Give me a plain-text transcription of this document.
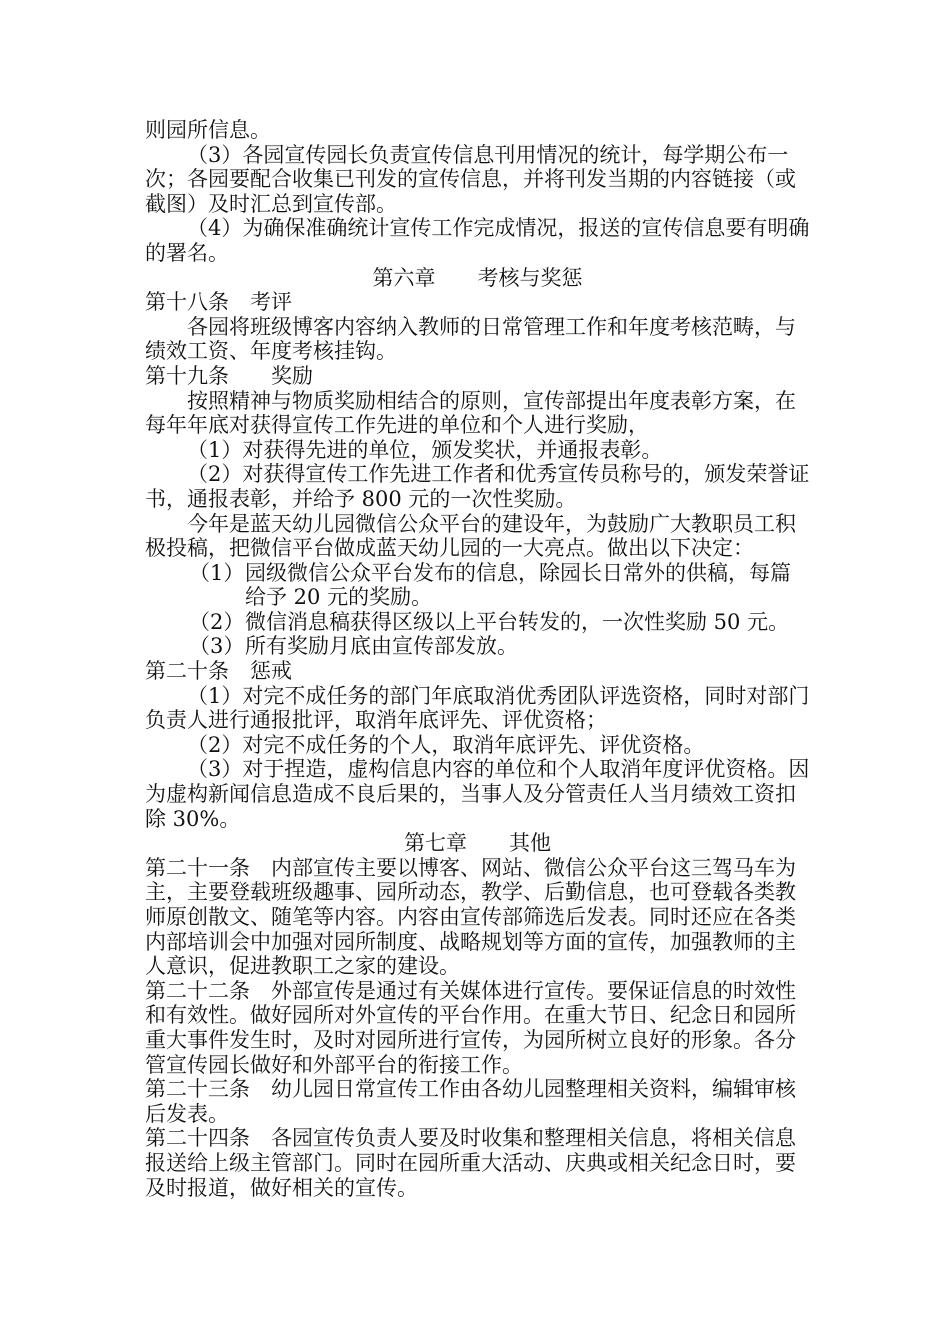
则园所信息。

（3）各园宣传园长负责宣传信息刊用情况的统计，每学期公布一次；各园要配合收集已刊发的宣传信息，并将刊发当期的内容链接（或截图）及时汇总到宣传部。

（4）为确保准确统计宣传工作完成情况，报送的宣传信息要有明确的署名。

第六章　　考核与奖惩

第十八条　考评

各园将班级博客内容纳入教师的日常管理工作和年度考核范畴，与绩效工资、年度考核挂钩。

第十九条　　奖励

按照精神与物质奖励相结合的原则，宣传部提出年度表彰方案，在每年年底对获得宣传工作先进的单位和个人进行奖励，

（1）对获得先进的单位，颁发奖状，并通报表彰。

（2）对获得宣传工作先进工作者和优秀宣传员称号的，颁发荣誉证书，通报表彰，并给予 800 元的一次性奖励。

今年是蓝天幼儿园微信公众平台的建设年，为鼓励广大教职员工积极投稿，把微信平台做成蓝天幼儿园的一大亮点。做出以下决定：

（1） 园级微信公众平台发布的信息，除园长日常外的供稿，每篇给予 20 元的奖励。
（2） 微信消息稿获得区级以上平台转发的，一次性奖励 50 元。
（3） 所有奖励月底由宣传部发放。

第二十条　惩戒

（1）对完不成任务的部门年底取消优秀团队评选资格，同时对部门负责人进行通报批评，取消年底评先、评优资格；

（2）对完不成任务的个人，取消年底评先、评优资格。

（3）对于捏造，虚构信息内容的单位和个人取消年度评优资格。因为虚构新闻信息造成不良后果的，当事人及分管责任人当月绩效工资扣除 30%。

第七章　　其他

第二十一条　内部宣传主要以博客、网站、微信公众平台这三驾马车为主，主要登载班级趣事、园所动态，教学、后勤信息，也可登载各类教师原创散文、随笔等内容。内容由宣传部筛选后发表。同时还应在各类内部培训会中加强对园所制度、战略规划等方面的宣传，加强教师的主人意识，促进教职工之家的建设。

第二十二条　外部宣传是通过有关媒体进行宣传。要保证信息的时效性和有效性。做好园所对外宣传的平台作用。在重大节日、纪念日和园所重大事件发生时，及时对园所进行宣传，为园所树立良好的形象。各分管宣传园长做好和外部平台的衔接工作。

第二十三条　幼儿园日常宣传工作由各幼儿园整理相关资料，编辑审核后发表。

第二十四条　各园宣传负责人要及时收集和整理相关信息，将相关信息报送给上级主管部门。同时在园所重大活动、庆典或相关纪念日时，要及时报道，做好相关的宣传。
